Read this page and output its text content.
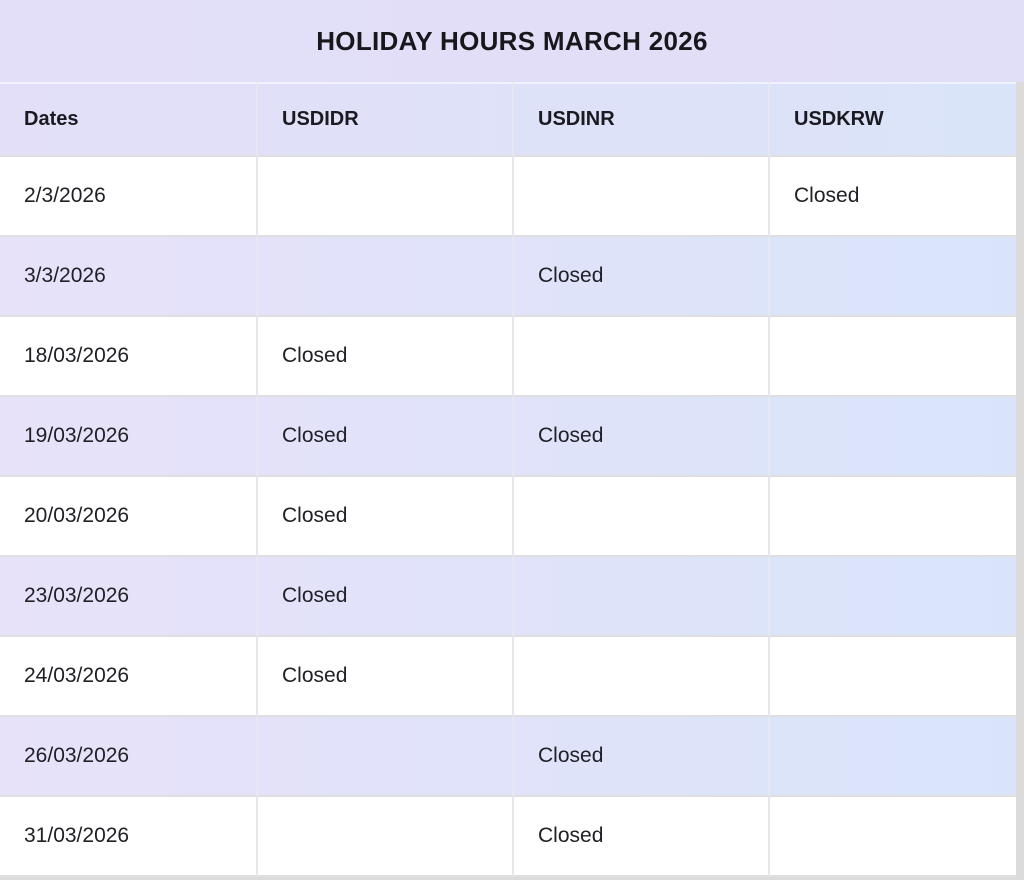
HOLIDAY HOURS MARCH 2026
Dates	USDIDR	USDINR	USDKRW
2/3/2026			Closed
3/3/2026		Closed	
18/03/2026	Closed		
19/03/2026	Closed	Closed	
20/03/2026	Closed		
23/03/2026	Closed		
24/03/2026	Closed		
26/03/2026		Closed	
31/03/2026		Closed	
